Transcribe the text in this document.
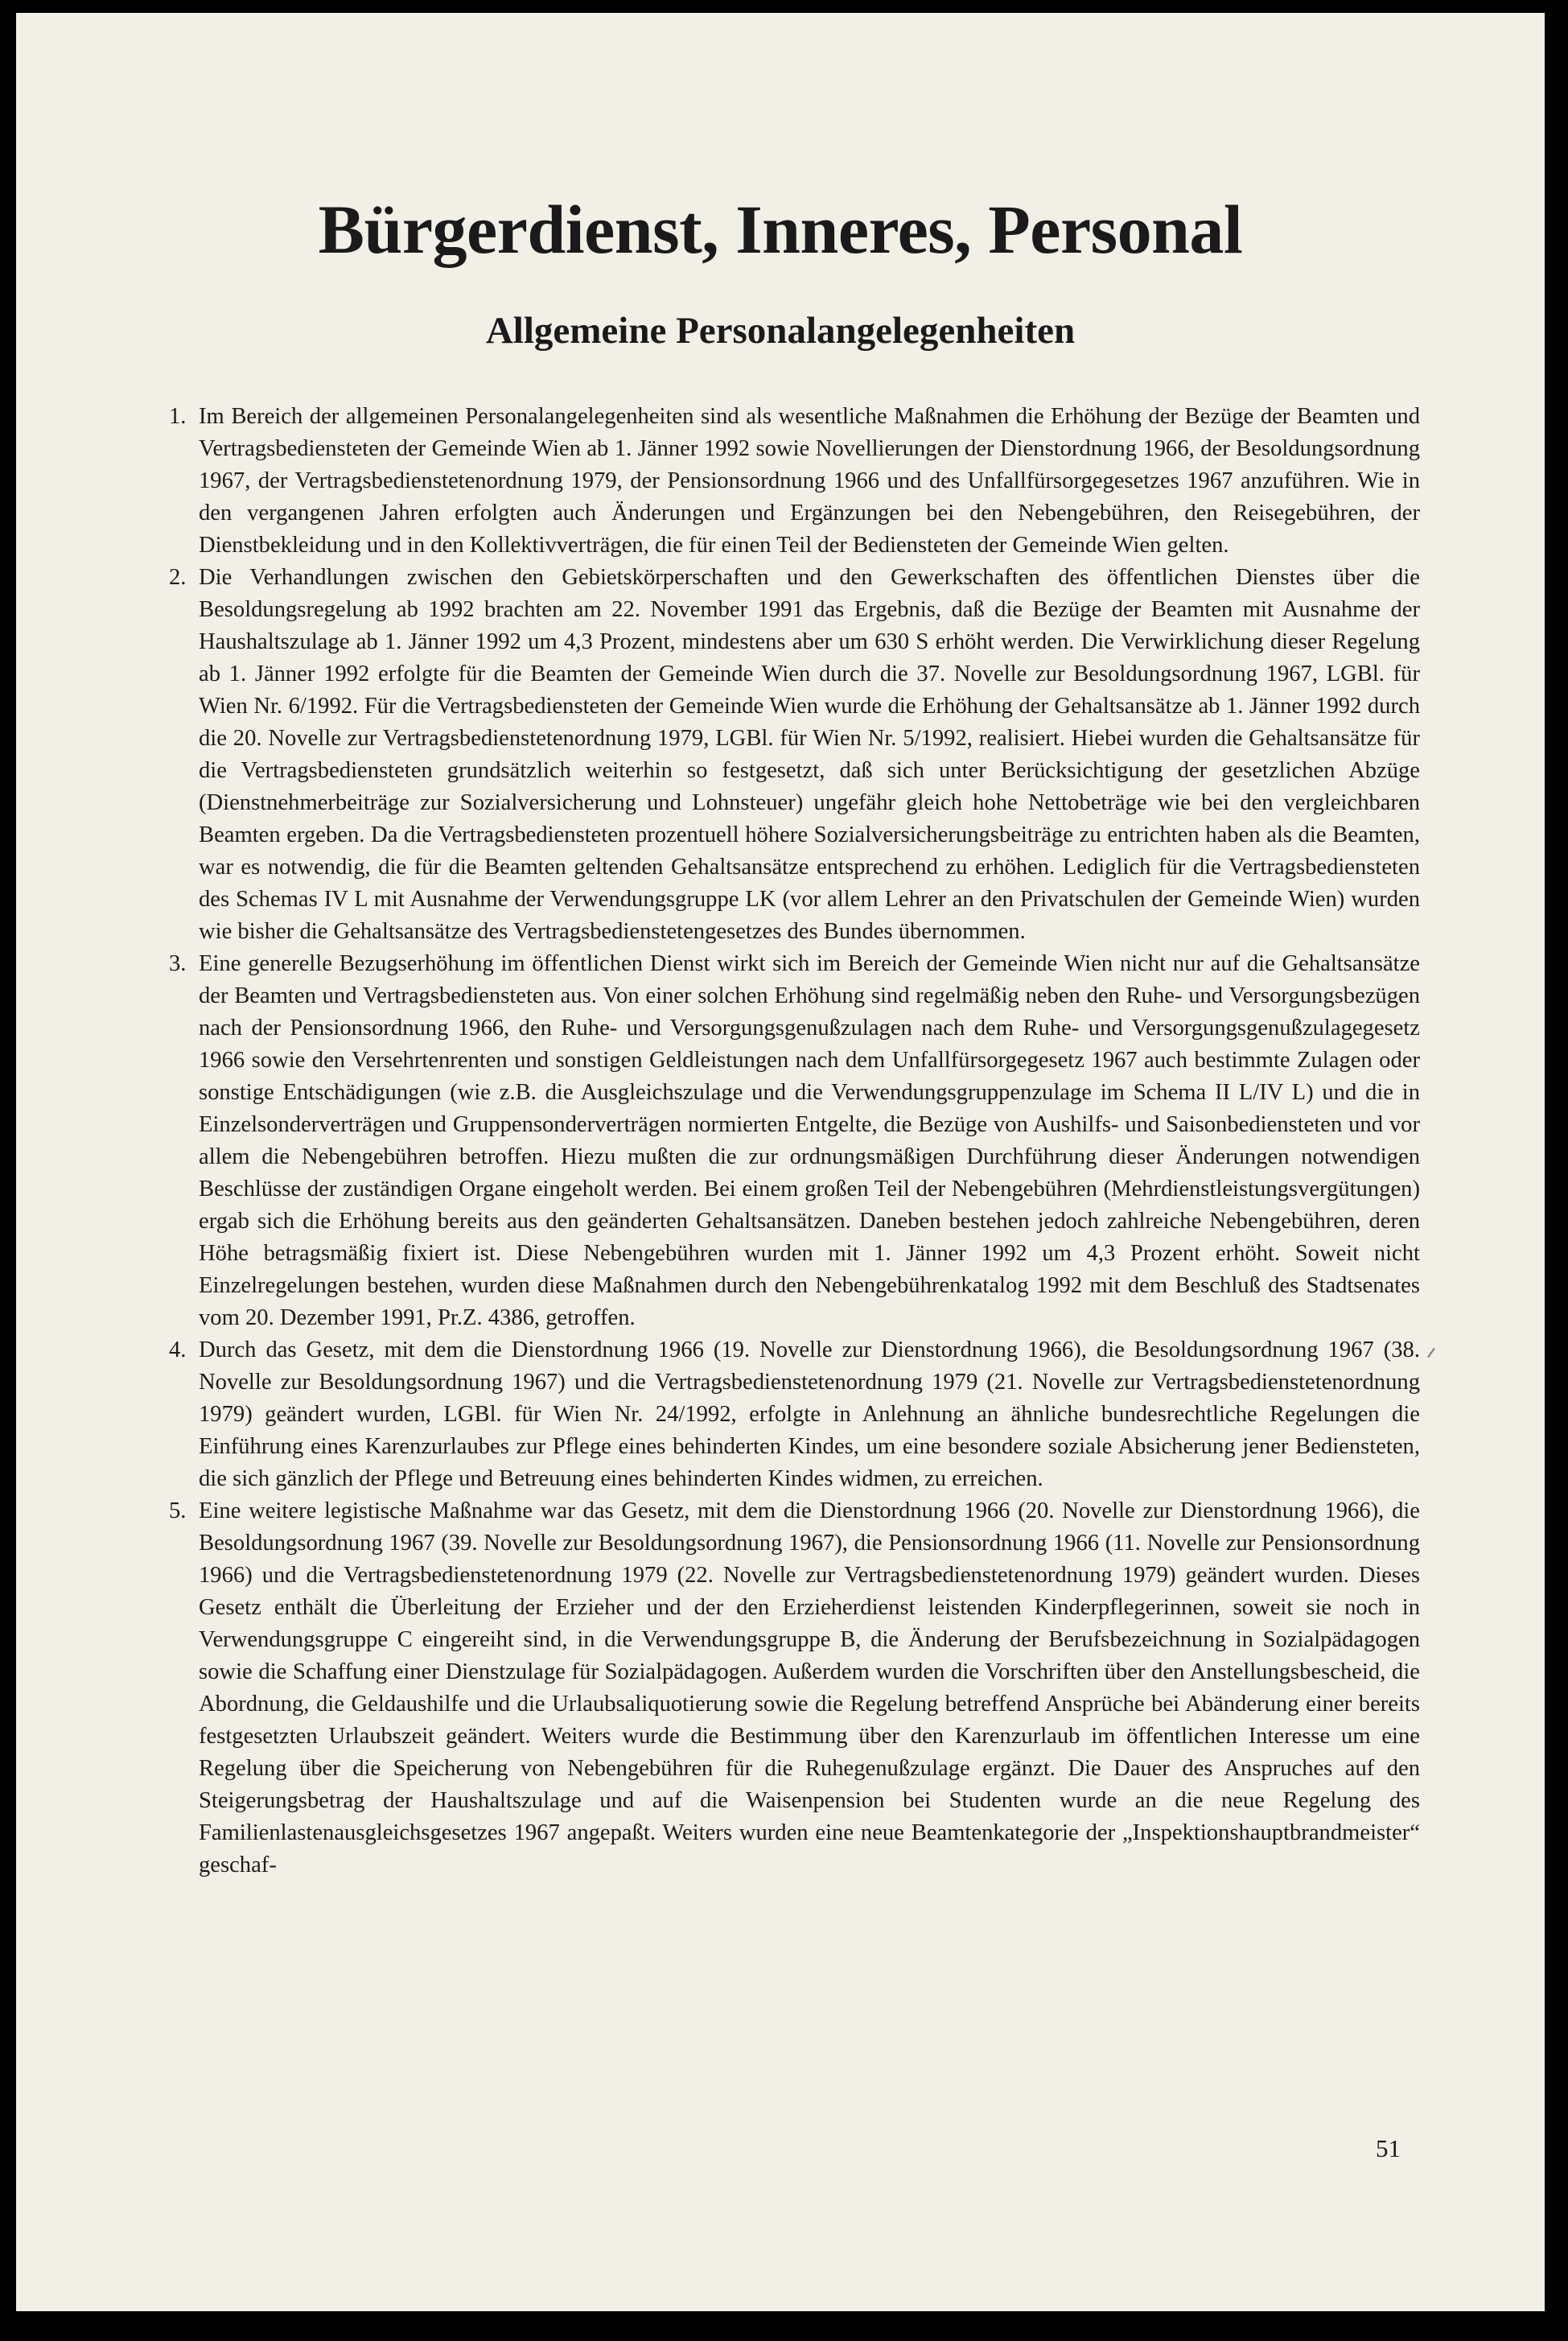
Bürgerdienst, Inneres, Personal
Allgemeine Personalangelegenheiten
1. Im Bereich der allgemeinen Personalangelegenheiten sind als wesentliche Maßnahmen die Erhöhung der Bezüge der Beamten und Vertragsbediensteten der Gemeinde Wien ab 1. Jänner 1992 sowie Novellierungen der Dienstordnung 1966, der Besoldungsordnung 1967, der Vertragsbedienstetenordnung 1979, der Pensionsordnung 1966 und des Unfallfürsorgegesetzes 1967 anzuführen. Wie in den vergangenen Jahren erfolgten auch Änderungen und Ergänzungen bei den Nebengebühren, den Reisegebühren, der Dienstbekleidung und in den Kollektivverträgen, die für einen Teil der Bediensteten der Gemeinde Wien gelten.
2. Die Verhandlungen zwischen den Gebietskörperschaften und den Gewerkschaften des öffentlichen Dienstes über die Besoldungsregelung ab 1992 brachten am 22. November 1991 das Ergebnis, daß die Bezüge der Beamten mit Ausnahme der Haushaltszulage ab 1. Jänner 1992 um 4,3 Prozent, mindestens aber um 630 S erhöht werden. Die Verwirklichung dieser Regelung ab 1. Jänner 1992 erfolgte für die Beamten der Gemeinde Wien durch die 37. Novelle zur Besoldungsordnung 1967, LGBl. für Wien Nr. 6/1992. Für die Vertragsbediensteten der Gemeinde Wien wurde die Erhöhung der Gehaltsansätze ab 1. Jänner 1992 durch die 20. Novelle zur Vertragsbedienstetenordnung 1979, LGBl. für Wien Nr. 5/1992, realisiert. Hiebei wurden die Gehaltsansätze für die Vertragsbediensteten grundsätzlich weiterhin so festgesetzt, daß sich unter Berücksichtigung der gesetzlichen Abzüge (Dienstnehmerbeiträge zur Sozialversicherung und Lohnsteuer) ungefähr gleich hohe Nettobeträge wie bei den vergleichbaren Beamten ergeben. Da die Vertragsbediensteten prozentuell höhere Sozialversicherungsbeiträge zu entrichten haben als die Beamten, war es notwendig, die für die Beamten geltenden Gehaltsansätze entsprechend zu erhöhen. Lediglich für die Vertragsbediensteten des Schemas IV L mit Ausnahme der Verwendungsgruppe LK (vor allem Lehrer an den Privatschulen der Gemeinde Wien) wurden wie bisher die Gehaltsansätze des Vertragsbedienstetengesetzes des Bundes übernommen.
3. Eine generelle Bezugserhöhung im öffentlichen Dienst wirkt sich im Bereich der Gemeinde Wien nicht nur auf die Gehaltsansätze der Beamten und Vertragsbediensteten aus. Von einer solchen Erhöhung sind regelmäßig neben den Ruhe- und Versorgungsbezügen nach der Pensionsordnung 1966, den Ruhe- und Versorgungsgenußzulagen nach dem Ruhe- und Versorgungsgenußzulagegesetz 1966 sowie den Versehrtenrenten und sonstigen Geldleistungen nach dem Unfallfürsorgegesetz 1967 auch bestimmte Zulagen oder sonstige Entschädigungen (wie z.B. die Ausgleichszulage und die Verwendungsgruppenzulage im Schema II L/IV L) und die in Einzelsonderverträgen und Gruppensonderverträgen normierten Entgelte, die Bezüge von Aushilfs- und Saisonbediensteten und vor allem die Nebengebühren betroffen. Hiezu mußten die zur ordnungsmäßigen Durchführung dieser Änderungen notwendigen Beschlüsse der zuständigen Organe eingeholt werden. Bei einem großen Teil der Nebengebühren (Mehrdienstleistungsvergütungen) ergab sich die Erhöhung bereits aus den geänderten Gehaltsansätzen. Daneben bestehen jedoch zahlreiche Nebengebühren, deren Höhe betragsmäßig fixiert ist. Diese Nebengebühren wurden mit 1. Jänner 1992 um 4,3 Prozent erhöht. Soweit nicht Einzelregelungen bestehen, wurden diese Maßnahmen durch den Nebengebührenkatalog 1992 mit dem Beschluß des Stadtsenates vom 20. Dezember 1991, Pr.Z. 4386, getroffen.
4. Durch das Gesetz, mit dem die Dienstordnung 1966 (19. Novelle zur Dienstordnung 1966), die Besoldungsordnung 1967 (38. Novelle zur Besoldungsordnung 1967) und die Vertragsbedienstetenordnung 1979 (21. Novelle zur Vertragsbedienstetenordnung 1979) geändert wurden, LGBl. für Wien Nr. 24/1992, erfolgte in Anlehnung an ähnliche bundesrechtliche Regelungen die Einführung eines Karenzurlaubes zur Pflege eines behinderten Kindes, um eine besondere soziale Absicherung jener Bediensteten, die sich gänzlich der Pflege und Betreuung eines behinderten Kindes widmen, zu erreichen.
5. Eine weitere legistische Maßnahme war das Gesetz, mit dem die Dienstordnung 1966 (20. Novelle zur Dienstordnung 1966), die Besoldungsordnung 1967 (39. Novelle zur Besoldungsordnung 1967), die Pensionsordnung 1966 (11. Novelle zur Pensionsordnung 1966) und die Vertragsbedienstetenordnung 1979 (22. Novelle zur Vertragsbedienstetenordnung 1979) geändert wurden. Dieses Gesetz enthält die Überleitung der Erzieher und der den Erzieherdienst leistenden Kinderpflegerinnen, soweit sie noch in Verwendungsgruppe C eingereiht sind, in die Verwendungsgruppe B, die Änderung der Berufsbezeichnung in Sozialpädagogen sowie die Schaffung einer Dienstzulage für Sozialpädagogen. Außerdem wurden die Vorschriften über den Anstellungsbescheid, die Abordnung, die Geldaushilfe und die Urlaubsaliquotierung sowie die Regelung betreffend Ansprüche bei Abänderung einer bereits festgesetzten Urlaubszeit geändert. Weiters wurde die Bestimmung über den Karenzurlaub im öffentlichen Interesse um eine Regelung über die Speicherung von Nebengebühren für die Ruhegenußzulage ergänzt. Die Dauer des Anspruches auf den Steigerungsbetrag der Haushaltszulage und auf die Waisenpension bei Studenten wurde an die neue Regelung des Familienlastenausgleichsgesetzes 1967 angepaßt. Weiters wurden eine neue Beamtenkategorie der „Inspektionshauptbrandmeister“ geschaf-
51
